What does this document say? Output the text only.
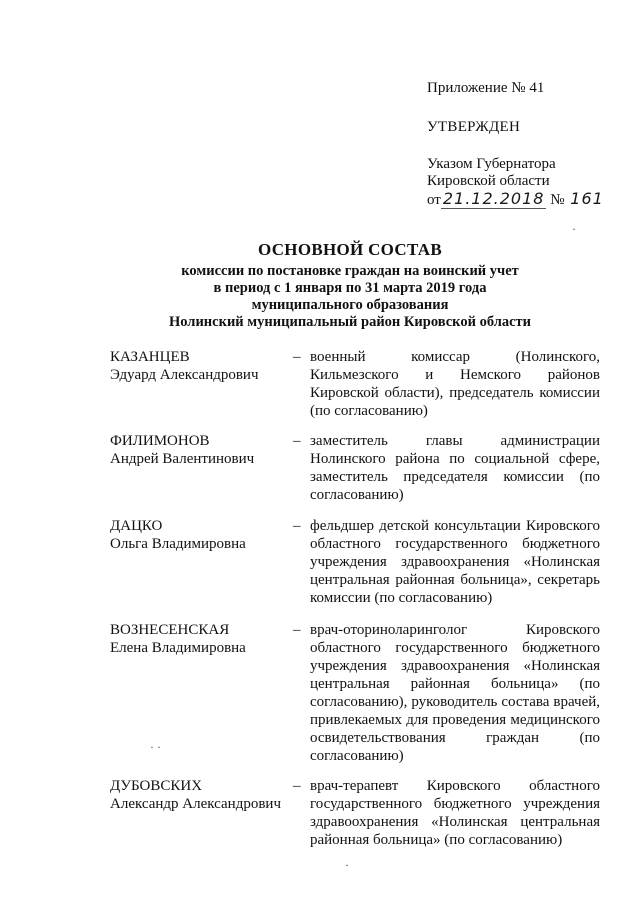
Приложение № 41
УТВЕРЖДЕН
Указом Губернатора
Кировской области
от 21.12.2018 № 161
ОСНОВНОЙ СОСТАВ
комиссии по постановке граждан на воинский учет
в период с 1 января по 31 марта 2019 года
муниципального образования
Нолинский муниципальный район Кировской области
КАЗАНЦЕВ
Эдуард Александрович
– военный комиссар (Нолинского, Кильмезского и Немского районов Кировской области), председатель комиссии (по согласованию)
ФИЛИМОНОВ
Андрей Валентинович
– заместитель главы администрации Нолинского района по социальной сфере, заместитель председателя комиссии (по согласованию)
ДАЦКО
Ольга Владимировна
– фельдшер детской консультации Кировского областного государственного бюджетного учреждения здравоохранения «Нолинская центральная районная больница», секретарь комиссии (по согласованию)
ВОЗНЕСЕНСКАЯ
Елена Владимировна
– врач-оториноларинголог Кировского областного государственного бюджетного учреждения здравоохранения «Нолинская центральная районная больница» (по согласованию), руководитель состава врачей, привлекаемых для проведения медицинского освидетельствования граждан (по согласованию)
ДУБОВСКИХ
Александр Александрович
– врач-терапевт Кировского областного государственного бюджетного учреждения здравоохранения «Нолинская центральная районная больница» (по согласованию)
· ·
·
·
